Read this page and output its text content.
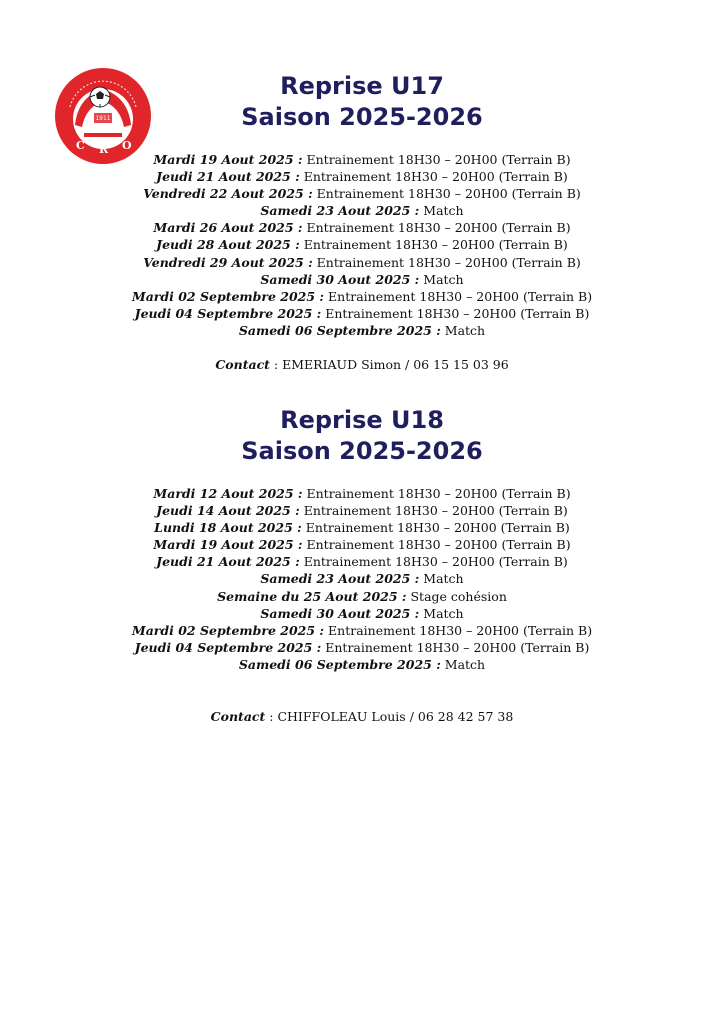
1911
C R O
Reprise U17
Saison 2025-2026
Mardi 19 Aout 2025 : Entrainement 18H30 – 20H00 (Terrain B)
Jeudi 21 Aout 2025 : Entrainement 18H30 – 20H00 (Terrain B)
Vendredi 22 Aout 2025 : Entrainement 18H30 – 20H00 (Terrain B)
Samedi 23 Aout 2025 : Match
Mardi 26 Aout 2025 : Entrainement 18H30 – 20H00 (Terrain B)
Jeudi 28 Aout 2025 : Entrainement 18H30 – 20H00 (Terrain B)
Vendredi 29 Aout 2025 : Entrainement 18H30 – 20H00 (Terrain B)
Samedi 30 Aout 2025 : Match
Mardi 02 Septembre 2025 : Entrainement 18H30 – 20H00 (Terrain B)
Jeudi 04 Septembre 2025 : Entrainement 18H30 – 20H00 (Terrain B)
Samedi 06 Septembre 2025 : Match
Contact : EMERIAUD Simon / 06 15 15 03 96
Reprise U18
Saison 2025-2026
Mardi 12 Aout 2025 : Entrainement 18H30 – 20H00 (Terrain B)
Jeudi 14 Aout 2025 : Entrainement 18H30 – 20H00 (Terrain B)
Lundi 18 Aout 2025 : Entrainement 18H30 – 20H00 (Terrain B)
Mardi 19 Aout 2025 : Entrainement 18H30 – 20H00 (Terrain B)
Jeudi 21 Aout 2025 : Entrainement 18H30 – 20H00 (Terrain B)
Samedi 23 Aout 2025 : Match
Semaine du 25 Aout 2025 : Stage cohésion
Samedi 30 Aout 2025 : Match
Mardi 02 Septembre 2025 : Entrainement 18H30 – 20H00 (Terrain B)
Jeudi 04 Septembre 2025 : Entrainement 18H30 – 20H00 (Terrain B)
Samedi 06 Septembre 2025 : Match
Contact : CHIFFOLEAU Louis / 06 28 42 57 38
